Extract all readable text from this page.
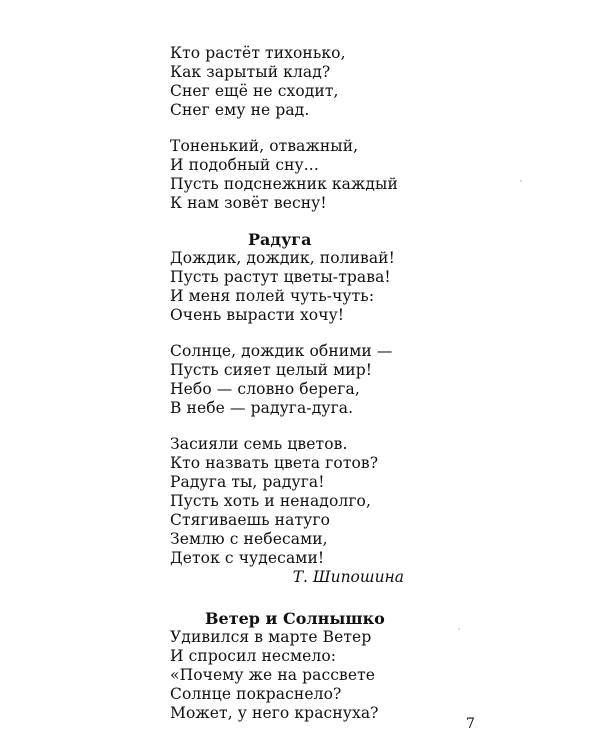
Кто растёт тихонько,
Как зарытый клад?
Снег ещё не сходит,
Снег ему не рад.
Тоненький, отважный,
И подобный сну...
Пусть подснежник каждый
К нам зовёт весну!
Радуга
Дождик, дождик, поливай!
Пусть растут цветы-трава!
И меня полей чуть-чуть:
Очень вырасти хочу!
Солнце, дождик обними —
Пусть сияет целый мир!
Небо — словно берега,
В небе — радуга-дуга.
Засияли семь цветов.
Кто назвать цвета готов?
Радуга ты, радуга!
Пусть хоть и ненадолго,
Стягиваешь натуго
Землю с небесами,
Деток с чудесами!
Т. Шипошина
Ветер и Солнышко
Удивился в марте Ветер
И спросил несмело:
«Почему же на рассвете
Солнце покраснело?
Может, у него краснуха?
7
